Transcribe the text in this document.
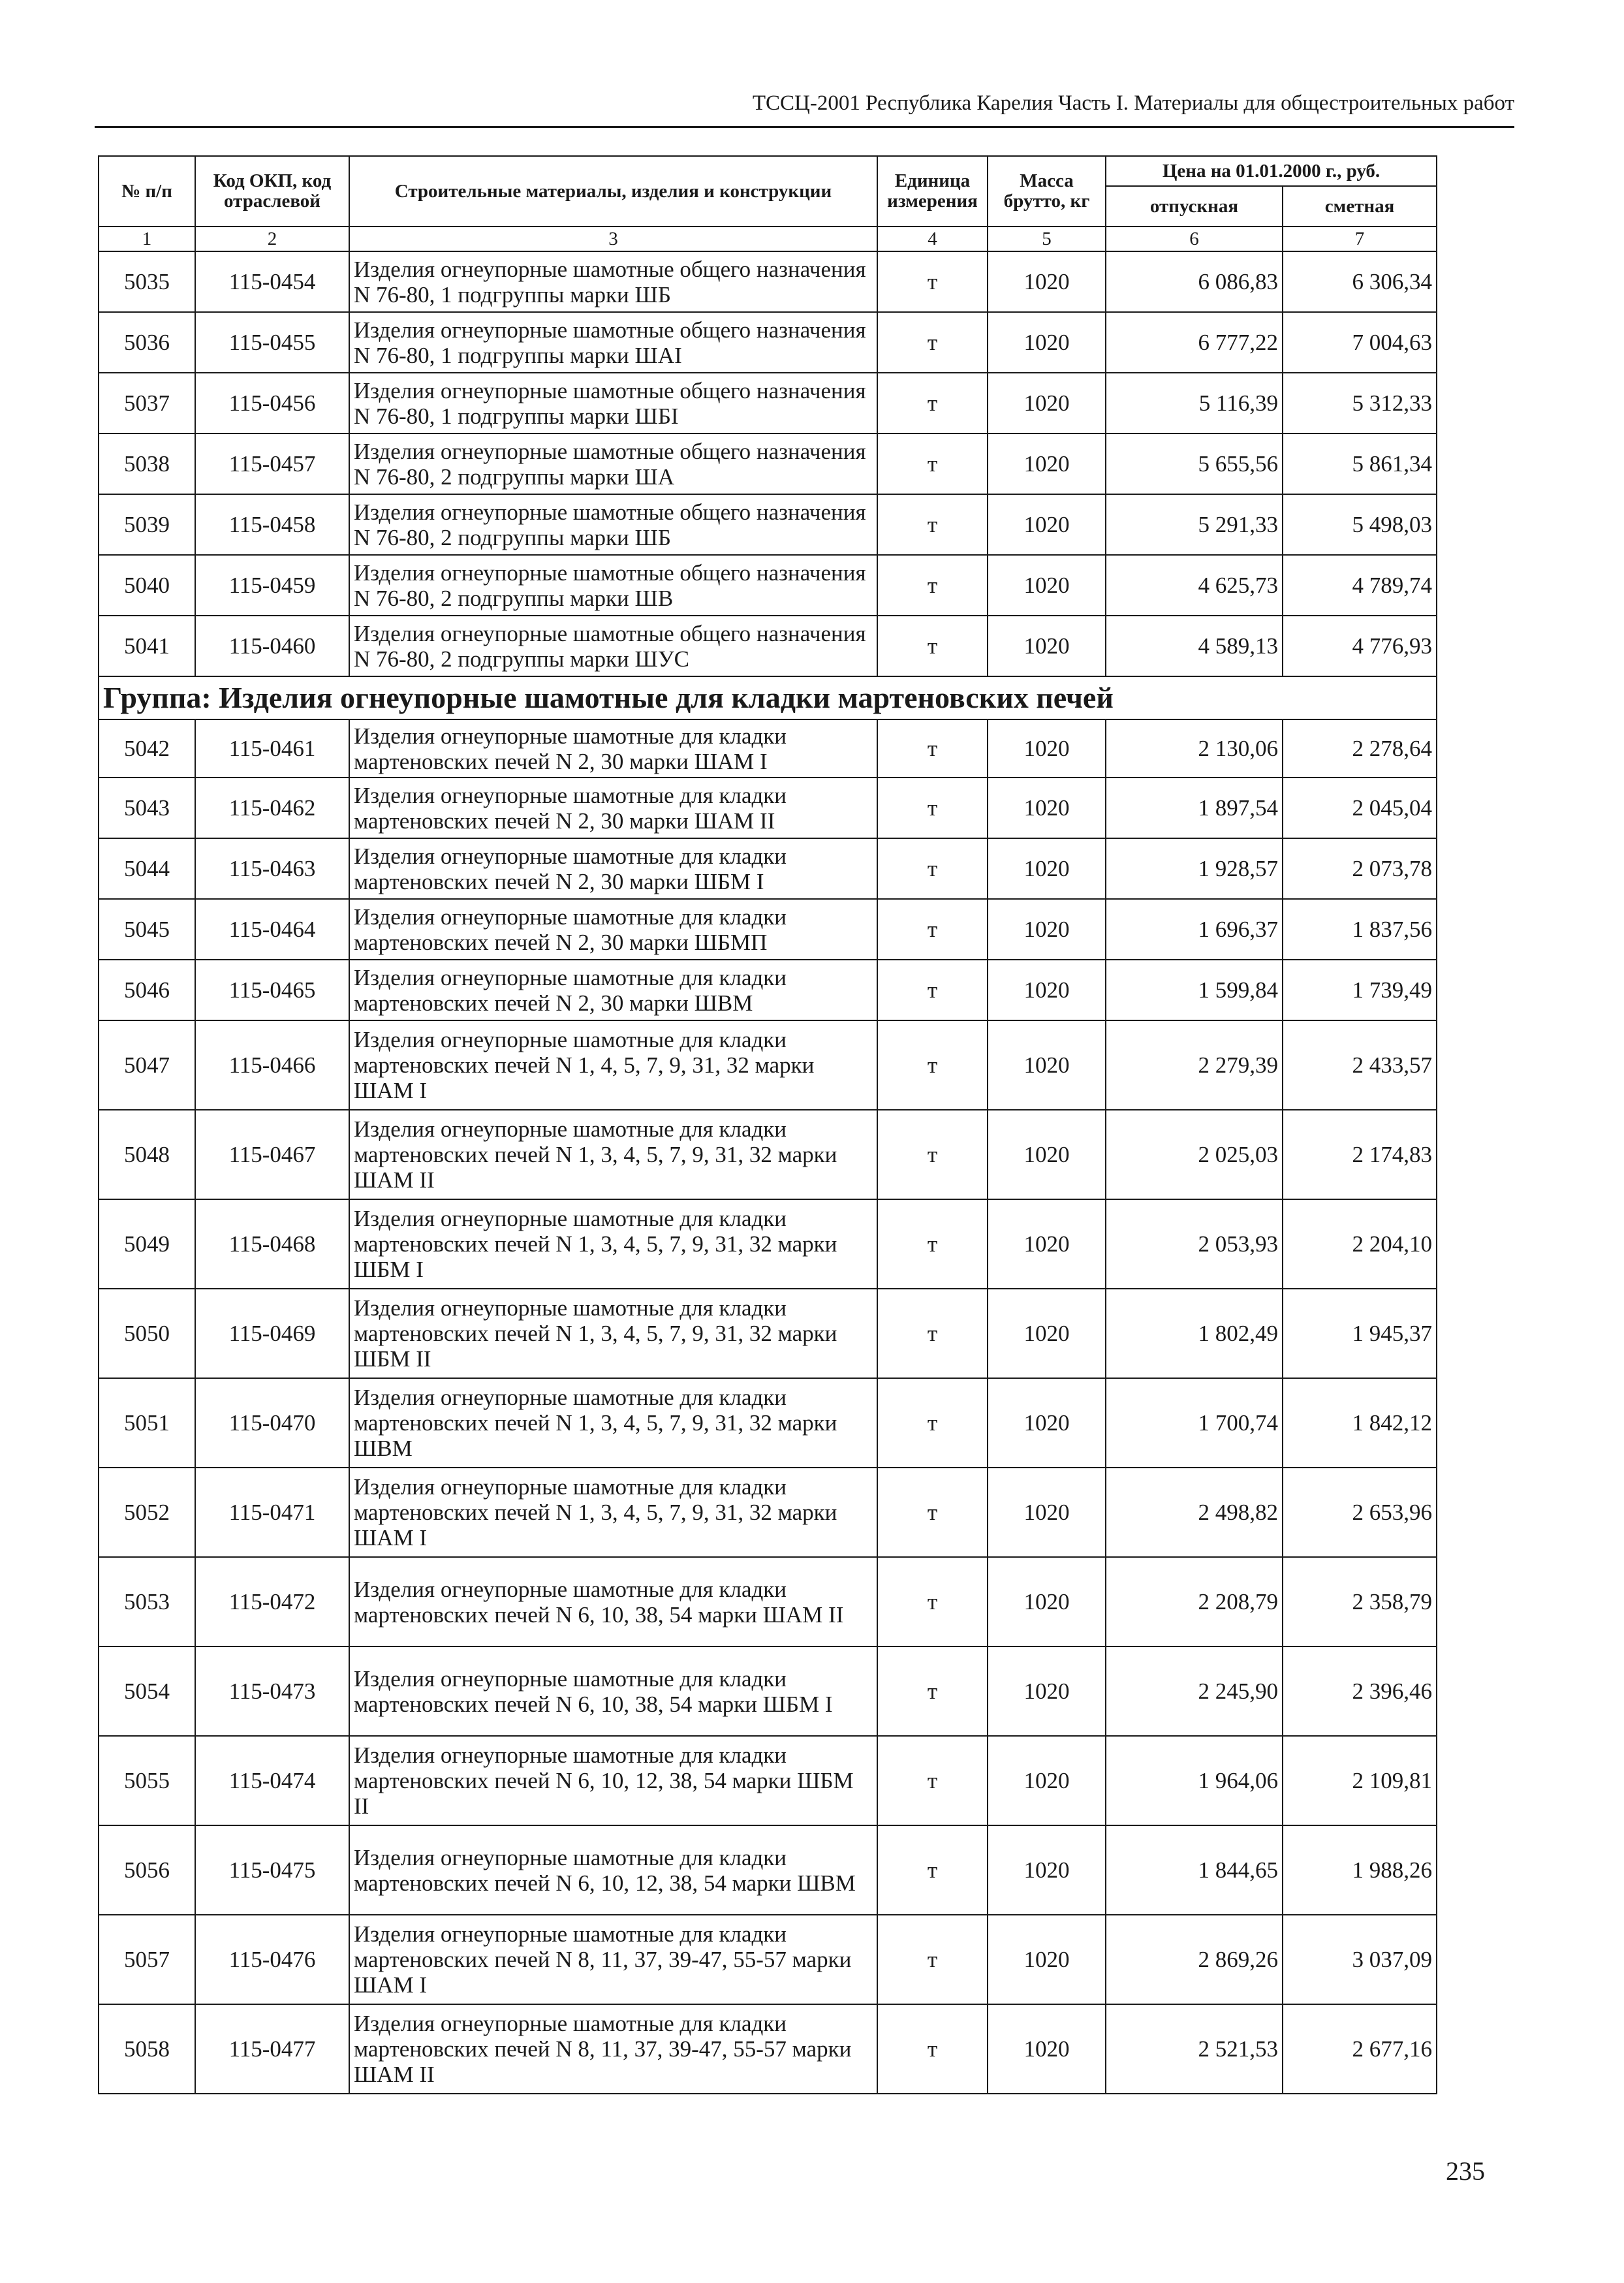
ТССЦ-2001 Республика Карелия Часть I. Материалы для общестроительных работ
№ п/п	Код ОКП, код отраслевой	Строительные материалы, изделия и конструкции	Единица измерения	Масса брутто, кг	Цена на 01.01.2000 г., руб.	
					отпускная	сметная
1	2	3	4	5	6	7
5035	115-0454	Изделия огнеупорные шамотные общего назначения N 76-80, 1 подгруппы марки ШБ	т	1020	6 086,83	6 306,34
5036	115-0455	Изделия огнеупорные шамотные общего назначения N 76-80, 1 подгруппы марки ШАI	т	1020	6 777,22	7 004,63
5037	115-0456	Изделия огнеупорные шамотные общего назначения N 76-80, 1 подгруппы марки ШБI	т	1020	5 116,39	5 312,33
5038	115-0457	Изделия огнеупорные шамотные общего назначения N 76-80, 2 подгруппы марки ША	т	1020	5 655,56	5 861,34
5039	115-0458	Изделия огнеупорные шамотные общего назначения N 76-80, 2 подгруппы марки ШБ	т	1020	5 291,33	5 498,03
5040	115-0459	Изделия огнеупорные шамотные общего назначения N 76-80, 2 подгруппы марки ШВ	т	1020	4 625,73	4 789,74
5041	115-0460	Изделия огнеупорные шамотные общего назначения N 76-80, 2 подгруппы марки ШУС	т	1020	4 589,13	4 776,93
Группа: Изделия огнеупорные шамотные для кладки мартеновских печей						
5042	115-0461	Изделия огнеупорные шамотные для кладки мартеновских печей N 2, 30 марки ШАМ I	т	1020	2 130,06	2 278,64
5043	115-0462	Изделия огнеупорные шамотные для кладки мартеновских печей N 2, 30 марки ШАМ II	т	1020	1 897,54	2 045,04
5044	115-0463	Изделия огнеупорные шамотные для кладки мартеновских печей N 2, 30 марки ШБМ I	т	1020	1 928,57	2 073,78
5045	115-0464	Изделия огнеупорные шамотные для кладки мартеновских печей N 2, 30 марки ШБМП	т	1020	1 696,37	1 837,56
5046	115-0465	Изделия огнеупорные шамотные для кладки мартеновских печей N 2, 30 марки ШВМ	т	1020	1 599,84	1 739,49
5047	115-0466	Изделия огнеупорные шамотные для кладки мартеновских печей N 1, 4, 5, 7, 9, 31, 32 марки ШАМ I	т	1020	2 279,39	2 433,57
5048	115-0467	Изделия огнеупорные шамотные для кладки мартеновских печей N 1, 3, 4, 5, 7, 9, 31, 32 марки ШАМ II	т	1020	2 025,03	2 174,83
5049	115-0468	Изделия огнеупорные шамотные для кладки мартеновских печей N 1, 3, 4, 5, 7, 9, 31, 32 марки ШБМ I	т	1020	2 053,93	2 204,10
5050	115-0469	Изделия огнеупорные шамотные для кладки мартеновских печей N 1, 3, 4, 5, 7, 9, 31, 32 марки ШБМ II	т	1020	1 802,49	1 945,37
5051	115-0470	Изделия огнеупорные шамотные для кладки мартеновских печей N 1, 3, 4, 5, 7, 9, 31, 32 марки ШВМ	т	1020	1 700,74	1 842,12
5052	115-0471	Изделия огнеупорные шамотные для кладки мартеновских печей N 1, 3, 4, 5, 7, 9, 31, 32 марки ШАМ I	т	1020	2 498,82	2 653,96
5053	115-0472	Изделия огнеупорные шамотные для кладки мартеновских печей N 6, 10, 38, 54 марки ШАМ II	т	1020	2 208,79	2 358,79
5054	115-0473	Изделия огнеупорные шамотные для кладки мартеновских печей N 6, 10, 38, 54 марки ШБМ I	т	1020	2 245,90	2 396,46
5055	115-0474	Изделия огнеупорные шамотные для кладки мартеновских печей N 6, 10, 12, 38, 54 марки ШБМ II	т	1020	1 964,06	2 109,81
5056	115-0475	Изделия огнеупорные шамотные для кладки мартеновских печей N 6, 10, 12, 38, 54 марки ШВМ	т	1020	1 844,65	1 988,26
5057	115-0476	Изделия огнеупорные шамотные для кладки мартеновских печей N 8, 11, 37, 39-47, 55-57 марки ШАМ I	т	1020	2 869,26	3 037,09
5058	115-0477	Изделия огнеупорные шамотные для кладки мартеновских печей N 8, 11, 37, 39-47, 55-57 марки ШАМ II	т	1020	2 521,53	2 677,16
235
